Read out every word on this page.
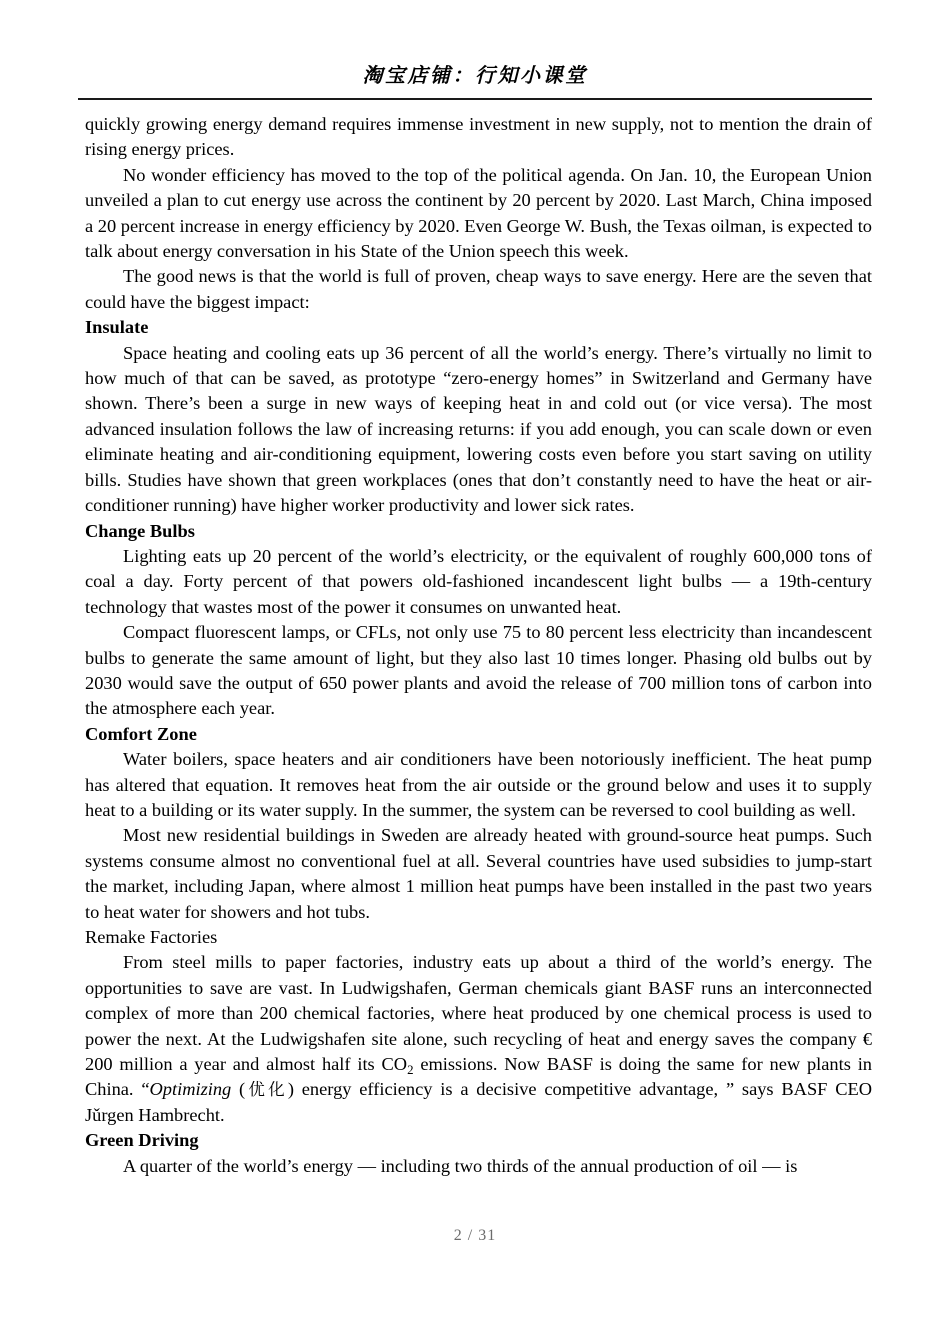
淘宝店铺：行知小课堂

quickly growing energy demand requires immense investment in new supply, not to mention the drain of rising energy prices.

No wonder efficiency has moved to the top of the political agenda. On Jan. 10, the European Union unveiled a plan to cut energy use across the continent by 20 percent by 2020. Last March, China imposed a 20 percent increase in energy efficiency by 2020. Even George W. Bush, the Texas oilman, is expected to talk about energy conversation in his State of the Union speech this week.

The good news is that the world is full of proven, cheap ways to save energy. Here are the seven that could have the biggest impact:

Insulate

Space heating and cooling eats up 36 percent of all the world’s energy. There’s virtually no limit to how much of that can be saved, as prototype “zero-energy homes” in Switzerland and Germany have shown. There’s been a surge in new ways of keeping heat in and cold out (or vice versa). The most advanced insulation follows the law of increasing returns: if you add enough, you can scale down or even eliminate heating and air-conditioning equipment, lowering costs even before you start saving on utility bills. Studies have shown that green workplaces (ones that don’t constantly need to have the heat or air-conditioner running) have higher worker productivity and lower sick rates.

Change Bulbs

Lighting eats up 20 percent of the world’s electricity, or the equivalent of roughly 600,000 tons of coal a day. Forty percent of that powers old-fashioned incandescent light bulbs — a 19th-century technology that wastes most of the power it consumes on unwanted heat.

Compact fluorescent lamps, or CFLs, not only use 75 to 80 percent less electricity than incandescent bulbs to generate the same amount of light, but they also last 10 times longer. Phasing old bulbs out by 2030 would save the output of 650 power plants and avoid the release of 700 million tons of carbon into the atmosphere each year.

Comfort Zone

Water boilers, space heaters and air conditioners have been notoriously inefficient. The heat pump has altered that equation. It removes heat from the air outside or the ground below and uses it to supply heat to a building or its water supply. In the summer, the system can be reversed to cool building as well.

Most new residential buildings in Sweden are already heated with ground-source heat pumps. Such systems consume almost no conventional fuel at all. Several countries have used subsidies to jump-start the market, including Japan, where almost 1 million heat pumps have been installed in the past two years to heat water for showers and hot tubs.

Remake Factories

From steel mills to paper factories, industry eats up about a third of the world’s energy. The opportunities to save are vast. In Ludwigshafen, German chemicals giant BASF runs an interconnected complex of more than 200 chemical factories, where heat produced by one chemical process is used to power the next. At the Ludwigshafen site alone, such recycling of heat and energy saves the company € 200 million a year and almost half its $CO_2$ emissions. Now BASF is doing the same for new plants in China. “Optimizing (优化) energy efficiency is a decisive competitive advantage, ” says BASF CEO Jǔrgen Hambrecht.

Green Driving

A quarter of the world’s energy — including two thirds of the annual production of oil — is

2 / 31
